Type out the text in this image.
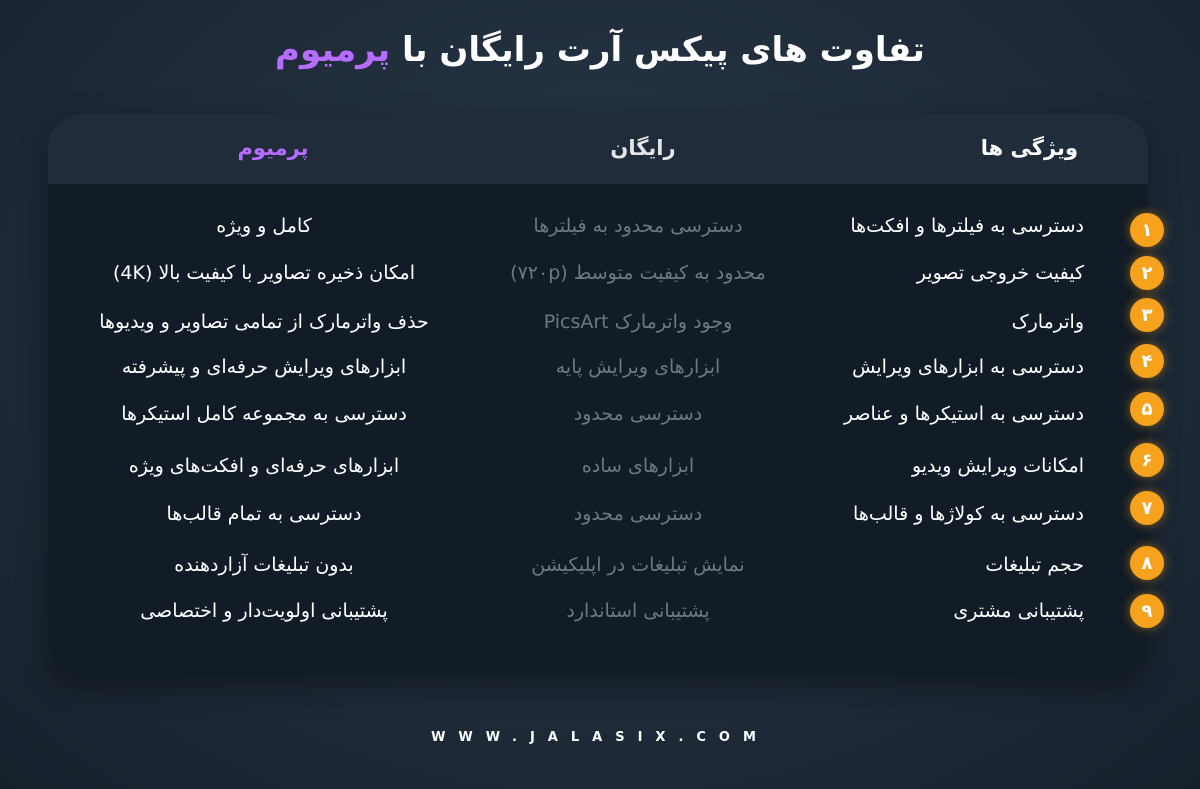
تفاوت های پیکس آرت رایگان با پرمیوم
ویژگی ها
رایگان
پرمیوم
دسترسی به فیلترها و افکت‌ها
دسترسی محدود به فیلترها
کامل و ویژه
کیفیت خروجی تصویر
محدود به کیفیت متوسط (۷۲۰p)
امکان ذخیره تصاویر با کیفیت بالا (4K)
واترمارک
وجود واترمارک PicsArt
حذف واترمارک از تمامی تصاویر و ویدیوها
دسترسی به ابزارهای ویرایش
ابزارهای ویرایش پایه
ابزارهای ویرایش حرفه‌ای و پیشرفته
دسترسی به استیکرها و عناصر
دسترسی محدود
دسترسی به مجموعه کامل استیکرها
امکانات ویرایش ویدیو
ابزارهای ساده
ابزارهای حرفه‌ای و افکت‌های ویژه
دسترسی به کولاژها و قالب‌ها
دسترسی محدود
دسترسی به تمام قالب‌ها
حجم تبلیغات
نمایش تبلیغات در اپلیکیشن
بدون تبلیغات آزاردهنده
پشتیبانی مشتری
پشتیبانی استاندارد
پشتیبانی اولویت‌دار و اختصاصی
۱
۲
۳
۴
۵
۶
۷
۸
۹
WWW.JALASIX.COM
